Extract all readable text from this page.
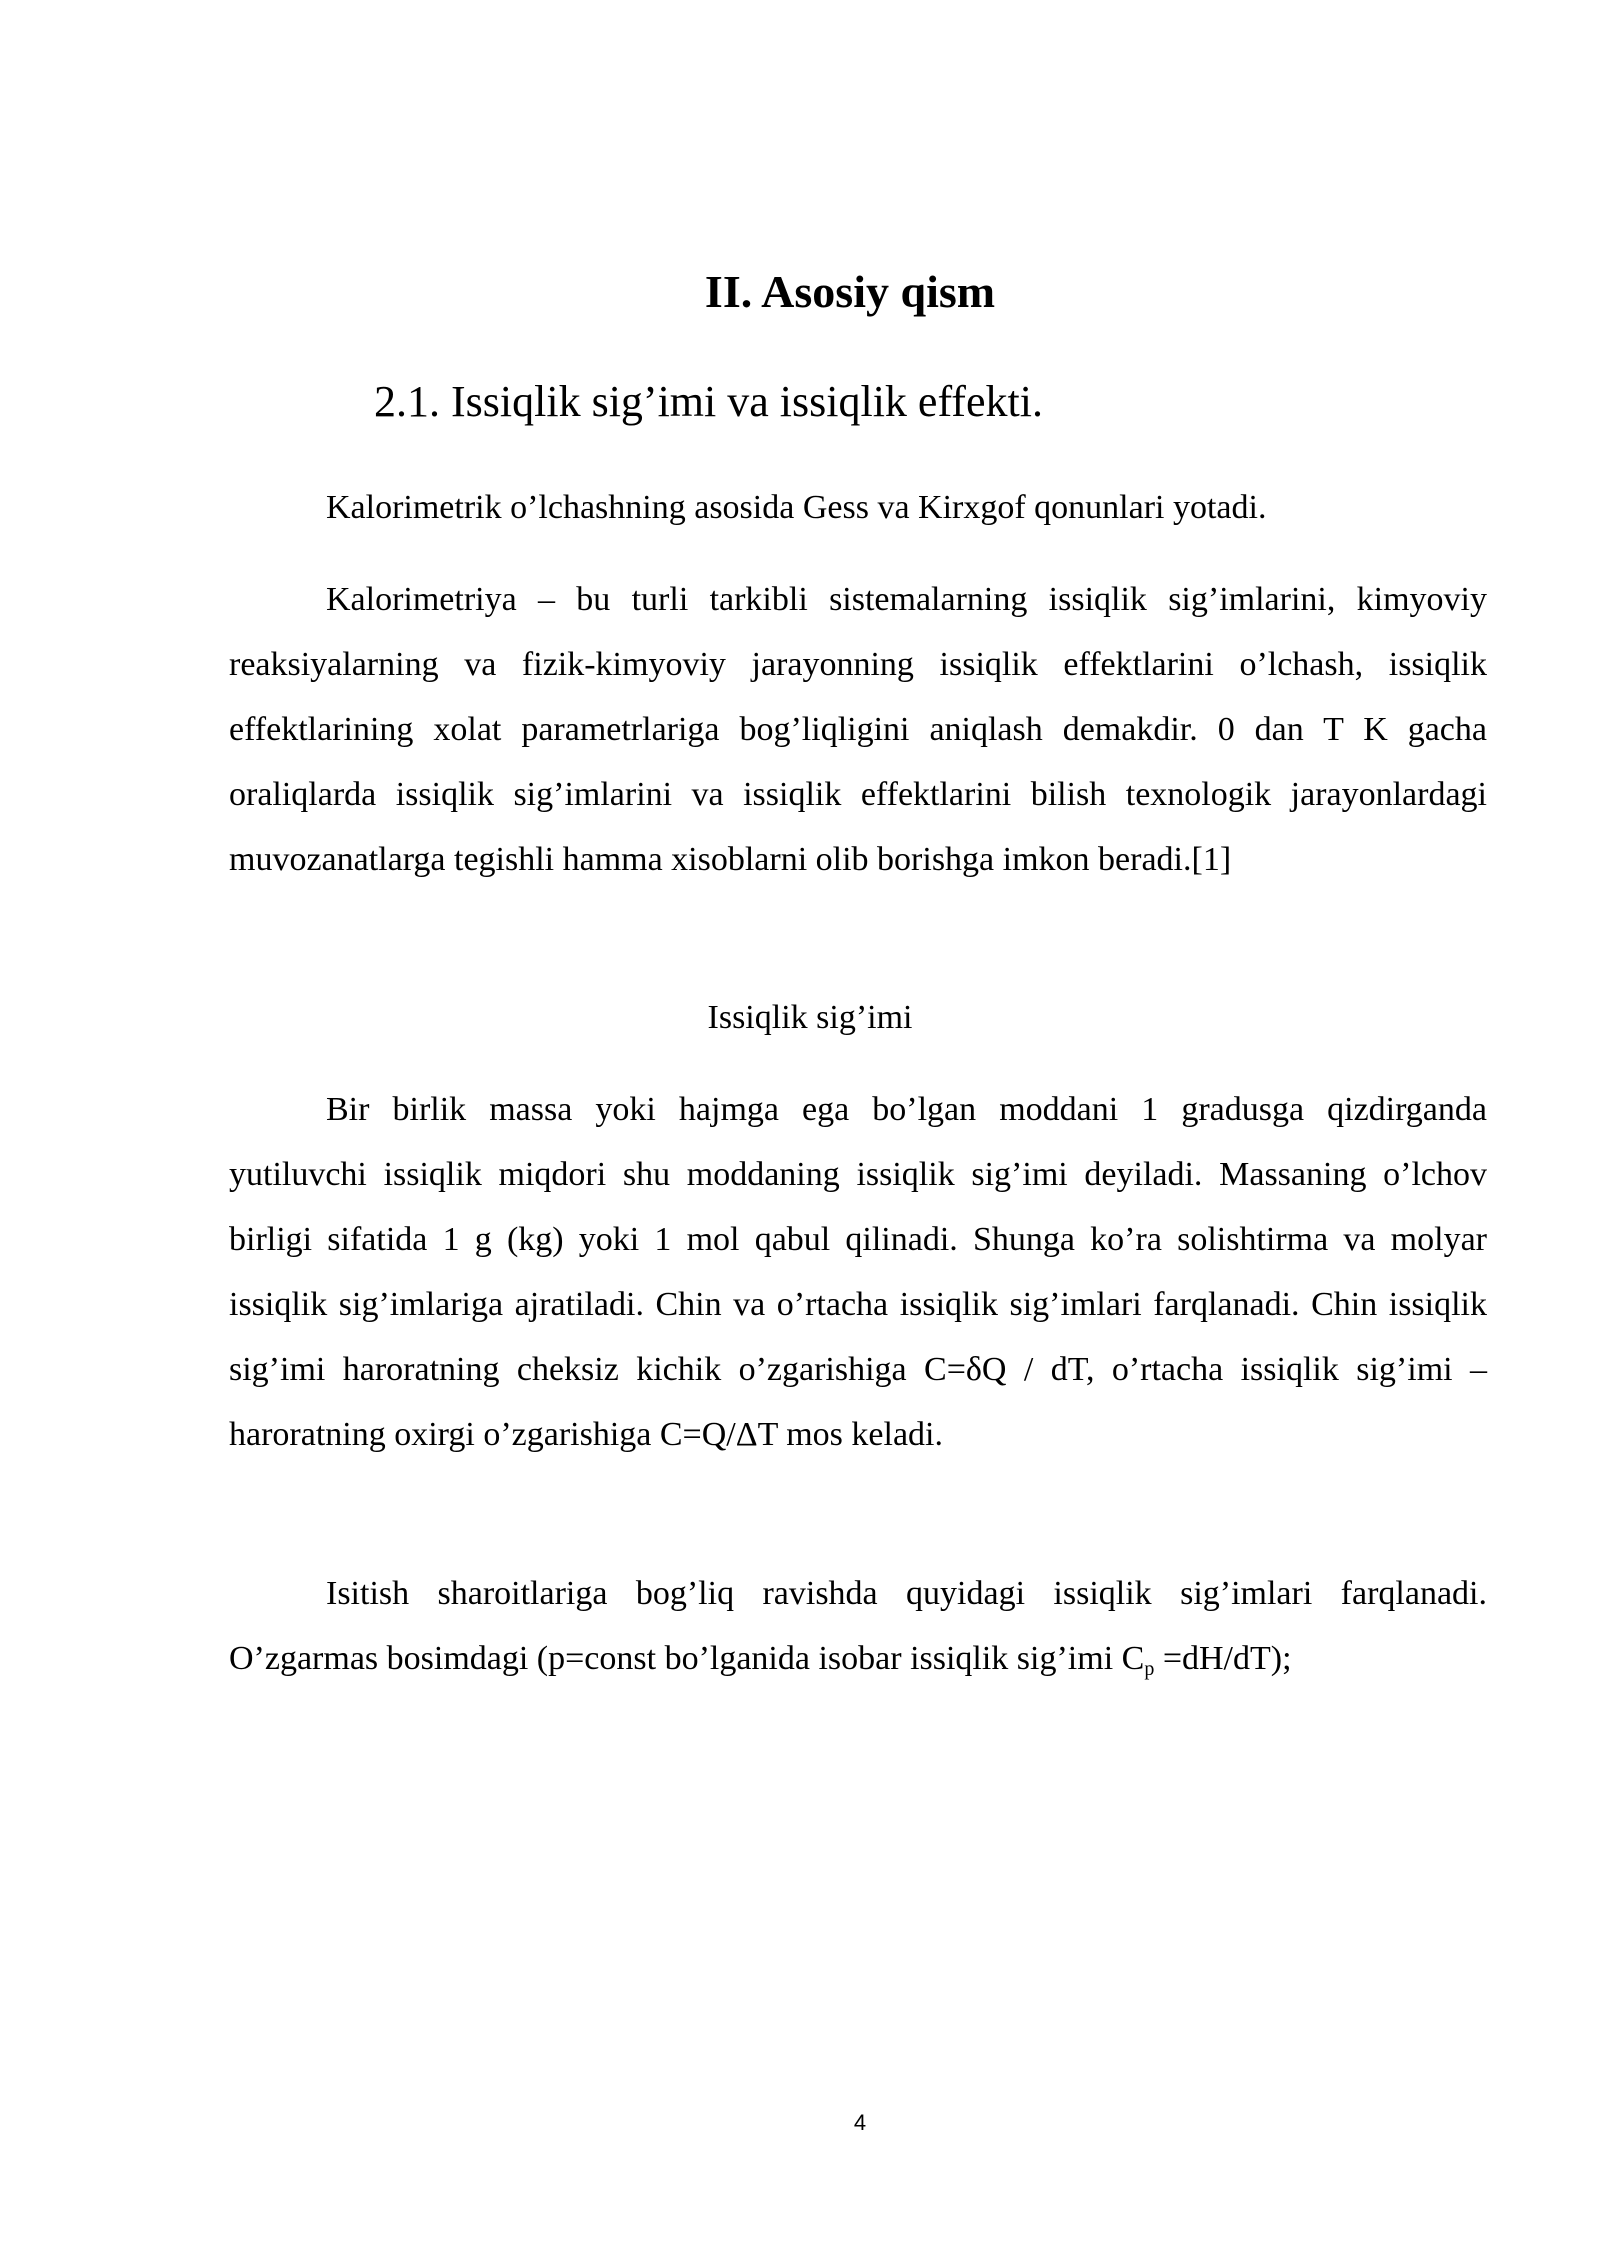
II. Asosiy qism
2.1. Issiqlik sig’imi va issiqlik effekti.

Kalorimetrik o’lchashning asosida Gess va Kirxgof qonunlari yotadi.

Kalorimetriya – bu turli tarkibli sistemalarning issiqlik sig’imlarini, kimyoviy reaksiyalarning va fizik-kimyoviy jarayonning issiqlik effektlarini o’lchash, issiqlik effektlarining xolat parametrlariga bog’liqligini aniqlash demakdir. 0 dan T K gacha oraliqlarda issiqlik sig’imlarini va issiqlik effektlarini bilish texnologik jarayonlardagi muvozanatlarga tegishli hamma xisoblarni olib borishga imkon beradi.[1]

Issiqlik sig’imi

Bir birlik massa yoki hajmga ega bo’lgan moddani 1 gradusga qizdirganda yutiluvchi issiqlik miqdori shu moddaning issiqlik sig’imi deyiladi. Massaning o’lchov birligi sifatida 1 g (kg) yoki 1 mol qabul qilinadi. Shunga ko’ra solishtirma va molyar issiqlik sig’imlariga ajratiladi. Chin va o’rtacha issiqlik sig’imlari farqlanadi. Chin issiqlik sig’imi haroratning cheksiz kichik o’zgarishiga C=δQ / dT, o’rtacha issiqlik sig’imi –haroratning oxirgi o’zgarishiga C=Q/ΔT mos keladi.

Isitish sharoitlariga bog’liq ravishda quyidagi issiqlik sig’imlari farqlanadi. O’zgarmas bosimdagi (p=const bo’lganida isobar issiqlik sig’imi $C_p =dH/dT$);

4
